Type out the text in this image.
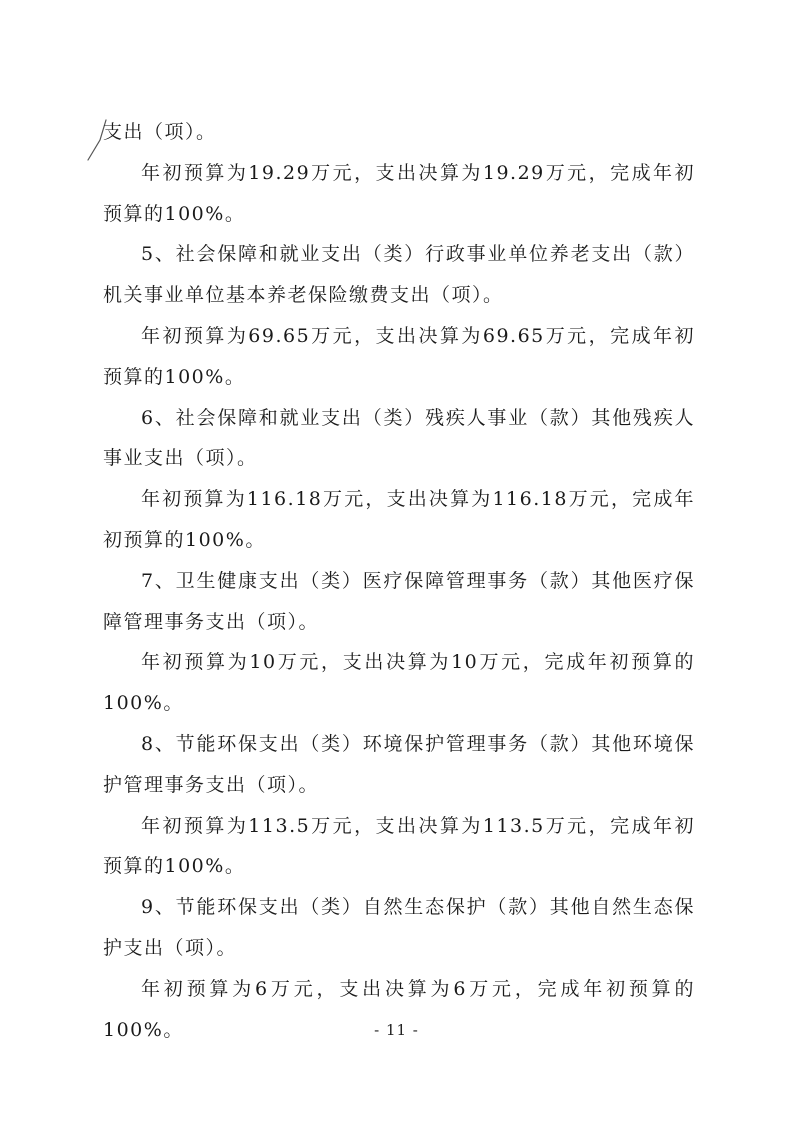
支出（项）。

年初预算为19.29万元，支出决算为19.29万元，完成年初预算的100%。

5、社会保障和就业支出（类）行政事业单位养老支出（款）机关事业单位基本养老保险缴费支出（项）。

年初预算为69.65万元，支出决算为69.65万元，完成年初预算的100%。

6、社会保障和就业支出（类）残疾人事业（款）其他残疾人事业支出（项）。

年初预算为116.18万元，支出决算为116.18万元，完成年初预算的100%。

7、卫生健康支出（类）医疗保障管理事务（款）其他医疗保障管理事务支出（项）。

年初预算为10万元，支出决算为10万元，完成年初预算的100%。

8、节能环保支出（类）环境保护管理事务（款）其他环境保护管理事务支出（项）。

年初预算为113.5万元，支出决算为113.5万元，完成年初预算的100%。

9、节能环保支出（类）自然生态保护（款）其他自然生态保护支出（项）。

年初预算为6万元，支出决算为6万元，完成年初预算的100%。	- 11 -
